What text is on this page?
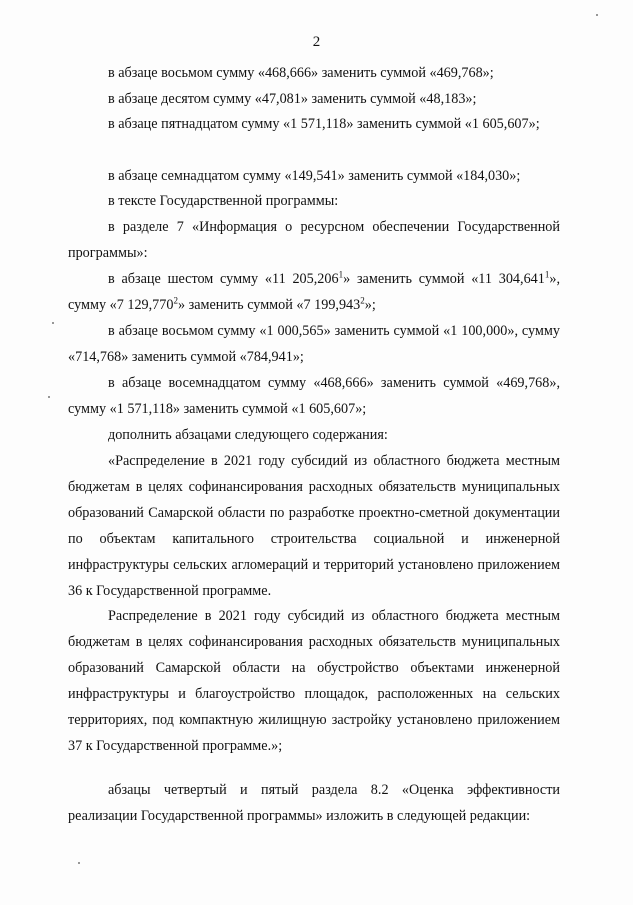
2

в абзаце восьмом сумму «468,666» заменить суммой «469,768»;

в абзаце десятом сумму «47,081» заменить суммой «48,183»;

в абзаце пятнадцатом сумму «1 571,118» заменить суммой «1 605,607»;

в абзаце семнадцатом сумму «149,541» заменить суммой «184,030»;

в тексте Государственной программы:

в разделе 7 «Информация о ресурсном обеспечении Государственной программы»:

в абзаце шестом сумму «11 205,206$^1$» заменить суммой «11 304,641$^1$», сумму «7 129,770$^2$» заменить суммой «7 199,943$^2$»;

в абзаце восьмом сумму «1 000,565» заменить суммой «1 100,000», сумму «714,768» заменить суммой «784,941»;

в абзаце восемнадцатом сумму «468,666» заменить суммой «469,768», сумму «1 571,118» заменить суммой «1 605,607»;

дополнить абзацами следующего содержания:

«Распределение в 2021 году субсидий из областного бюджета местным бюджетам в целях софинансирования расходных обязательств муниципальных образований Самарской области по разработке проектно-сметной документации по объектам капитального строительства социальной и инженерной инфраструктуры сельских агломераций и территорий установлено приложением 36 к Государственной программе.

Распределение в 2021 году субсидий из областного бюджета местным бюджетам в целях софинансирования расходных обязательств муниципальных образований Самарской области на обустройство объектами инженерной инфраструктуры и благоустройство площадок, расположенных на сельских территориях, под компактную жилищную застройку установлено приложением 37 к Государственной программе.»;

абзацы четвертый и пятый раздела 8.2 «Оценка эффективности реализации Государственной программы» изложить в следующей редакции:
